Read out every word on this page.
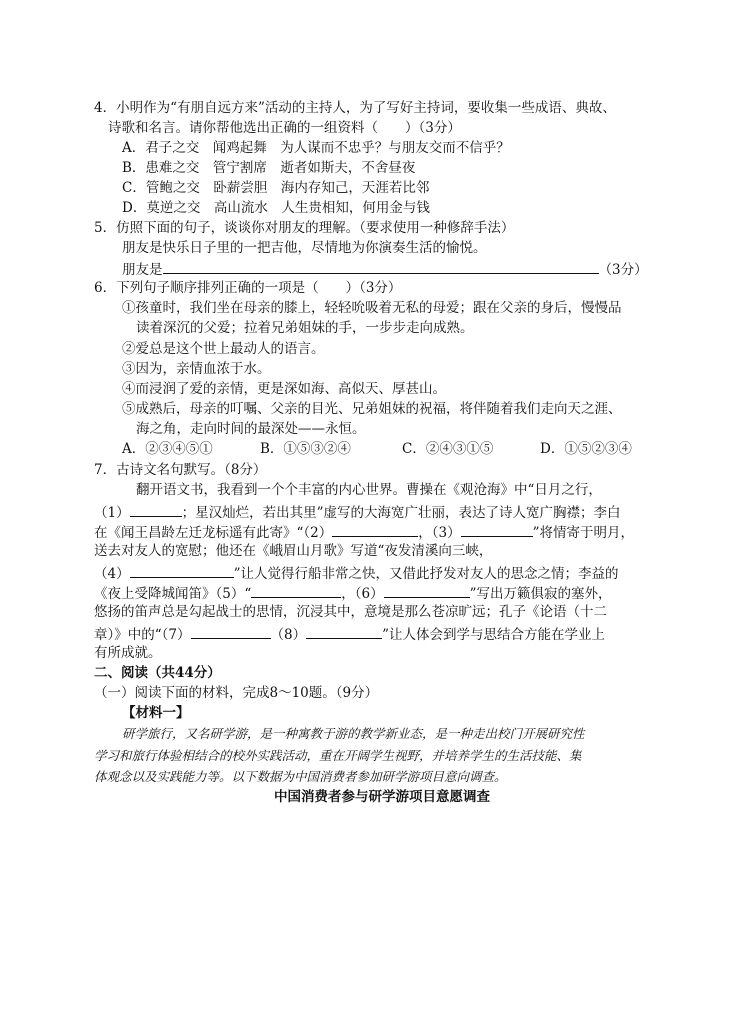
4．小明作为“有朋自远方来”活动的主持人，为了写好主持词，要收集一些成语、典故、
诗歌和名言。请你帮他选出正确的一组资料（　　）（3分）
A．君子之交　闻鸡起舞　为人谋而不忠乎？与朋友交而不信乎？
B．患难之交　管宁割席　逝者如斯夫，不舍昼夜
C．管鲍之交　卧薪尝胆　海内存知己，天涯若比邻
D．莫逆之交　高山流水　人生贵相知，何用金与钱
5．仿照下面的句子，谈谈你对朋友的理解。（要求使用一种修辞手法）
朋友是快乐日子里的一把吉他，尽情地为你演奏生活的愉悦。
朋友是	（3分）
6．下列句子顺序排列正确的一项是（　　）（3分）
①孩童时，我们坐在母亲的膝上，轻轻吮吸着无私的母爱；跟在父亲的身后，慢慢品
读着深沉的父爱；拉着兄弟姐妹的手，一步步走向成熟。
②爱总是这个世上最动人的语言。
③因为，亲情血浓于水。
④而浸润了爱的亲情，更是深如海、高似天、厚甚山。
⑤成熟后，母亲的叮嘱、父亲的目光、兄弟姐妹的祝福，将伴随着我们走向天之涯、
海之角，走向时间的最深处——永恒。
A．②③④⑤①	B．①⑤③②④	C．②④③①⑤	D．①⑤②③④
7．古诗文名句默写。（8分）
翻开语文书，我看到一个个丰富的内心世界。曹操在《观沧海》中“日月之行，
（1）	；星汉灿烂，若出其里”虚写的大海宽广壮丽，表达了诗人宽广胸襟；李白
在《闻王昌龄左迁龙标遥有此寄》“（2）	，（3）	”将情寄于明月，
送去对友人的宽慰；他还在《峨眉山月歌》写道“夜发清溪向三峡，
（4）	”让人觉得行船非常之快，又借此抒发对友人的思念之情；李益的
《夜上受降城闻笛》（5）“	，（6）	”写出万籁俱寂的塞外，
悠扬的笛声总是勾起战士的思情，沉浸其中，意境是那么苍凉旷远；孔子《论语（十二
章）》中的“（7）	（8）	”让人体会到学与思结合方能在学业上
有所成就。
二、阅读（共44分）
（一）阅读下面的材料，完成8～10题。（9分）
【材料一】
研学旅行，又名研学游，是一种寓教于游的教学新业态，是一种走出校门开展研究性
学习和旅行体验相结合的校外实践活动，重在开阔学生视野，并培养学生的生活技能、集
体观念以及实践能力等。以下数据为中国消费者参加研学游项目意向调查。
中国消费者参与研学游项目意愿调查
